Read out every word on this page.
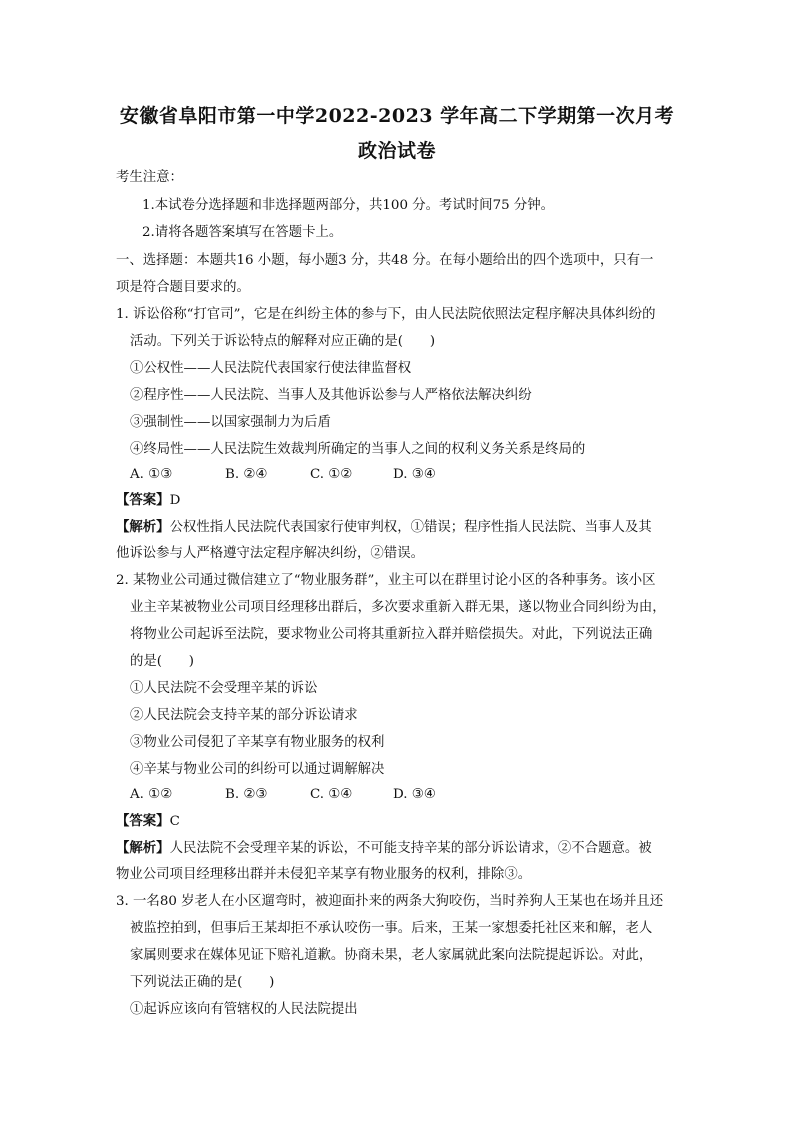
安徽省阜阳市第一中学2022-2023 学年高二下学期第一次月考
政治试卷
考生注意：
1.本试卷分选择题和非选择题两部分，共100 分。考试时间75 分钟。
2.请将各题答案填写在答题卡上。
一、选择题：本题共16 小题，每小题3 分，共48 分。在每小题给出的四个选项中，只有一
项是符合题目要求的。
1. 诉讼俗称“打官司”，它是在纠纷主体的参与下，由人民法院依照法定程序解决具体纠纷的
活动。下列关于诉讼特点的解释对应正确的是(　　)
①公权性——人民法院代表国家行使法律监督权
②程序性——人民法院、当事人及其他诉讼参与人严格依法解决纠纷
③强制性——以国家强制力为后盾
④终局性——人民法院生效裁判所确定的当事人之间的权利义务关系是终局的
A. ①③	B. ②④	C. ①②	D. ③④
【答案】D
【解析】公权性指人民法院代表国家行使审判权，①错误；程序性指人民法院、当事人及其
他诉讼参与人严格遵守法定程序解决纠纷，②错误。
2. 某物业公司通过微信建立了“物业服务群”，业主可以在群里讨论小区的各种事务。该小区
业主辛某被物业公司项目经理移出群后，多次要求重新入群无果，遂以物业合同纠纷为由，
将物业公司起诉至法院，要求物业公司将其重新拉入群并赔偿损失。对此，下列说法正确
的是(　　)
①人民法院不会受理辛某的诉讼
②人民法院会支持辛某的部分诉讼请求
③物业公司侵犯了辛某享有物业服务的权利
④辛某与物业公司的纠纷可以通过调解解决
A. ①②	B. ②③	C. ①④	D. ③④
【答案】C
【解析】人民法院不会受理辛某的诉讼，不可能支持辛某的部分诉讼请求，②不合题意。被
物业公司项目经理移出群并未侵犯辛某享有物业服务的权利，排除③。
3. 一名80 岁老人在小区遛弯时，被迎面扑来的两条大狗咬伤，当时养狗人王某也在场并且还
被监控拍到，但事后王某却拒不承认咬伤一事。后来，王某一家想委托社区来和解，老人
家属则要求在媒体见证下赔礼道歉。协商未果，老人家属就此案向法院提起诉讼。对此，
下列说法正确的是(　　)
①起诉应该向有管辖权的人民法院提出
